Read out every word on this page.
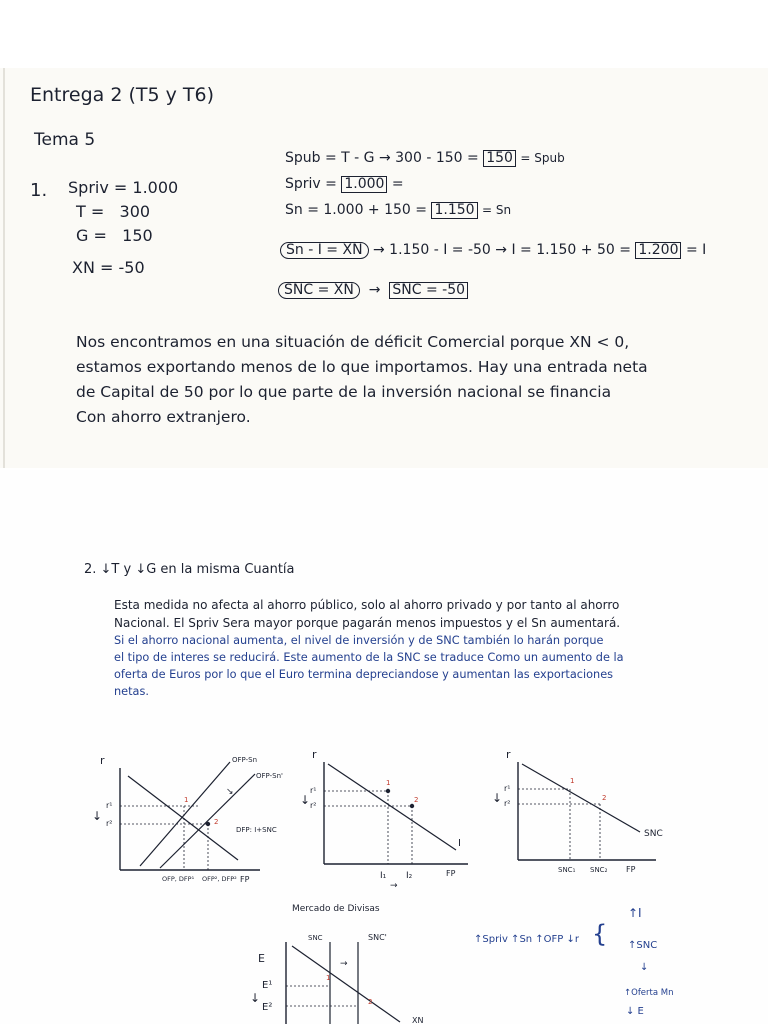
Entrega 2 (T5 y T6)
Tema 5
1. Spriv = 1.000
T = 300
G = 150
XN = -50
Spub = T - G → 300 - 150 = 150 = Spub
Spriv = 1.000 =
Sn = 1.000 + 150 = 1.150 = Sn
Sn - I = XN → 1.150 - I = -50 → I = 1.150 + 50 = 1.200 = I
SNC = XN → SNC = -50
Nos encontramos en una situación de déficit Comercial porque XN < 0,
estamos exportando menos de lo que importamos. Hay una entrada neta
de Capital de 50 por lo que parte de la inversión nacional se financia
Con ahorro extranjero.
2. ↓T y ↓G en la misma Cuantía
Esta medida no afecta al ahorro público, solo al ahorro privado y por tanto al ahorro
Nacional. El Spriv Sera mayor porque pagarán menos impuestos y el Sn aumentará.
Si el ahorro nacional aumenta, el nivel de inversión y de SNC también lo harán porque
el tipo de interes se reducirá. Este aumento de la SNC se traduce Como un aumento de la
oferta de Euros por lo que el Euro termina depreciandose y aumentan las exportaciones
netas.
r
r¹
r²
↓
OFP-Sn
OFP-Sn'
DFP: I+SNC
OFP, DFP¹ OFP², DFP² FP
1
2
↘
r
r¹
r²
↓
I
I₁ I₂	FP
→
1
2
r
r¹
r²
↓
SNC
SNC₁ SNC₂ FP
1
2
Mercado de Divisas
E
E¹
E²
↓
SNC	SNC'
XN
→
1
2
↑Spriv ↑Sn ↑OFP ↓r {
↑I
↑SNC
↓
↑Oferta Mn
↓ E
